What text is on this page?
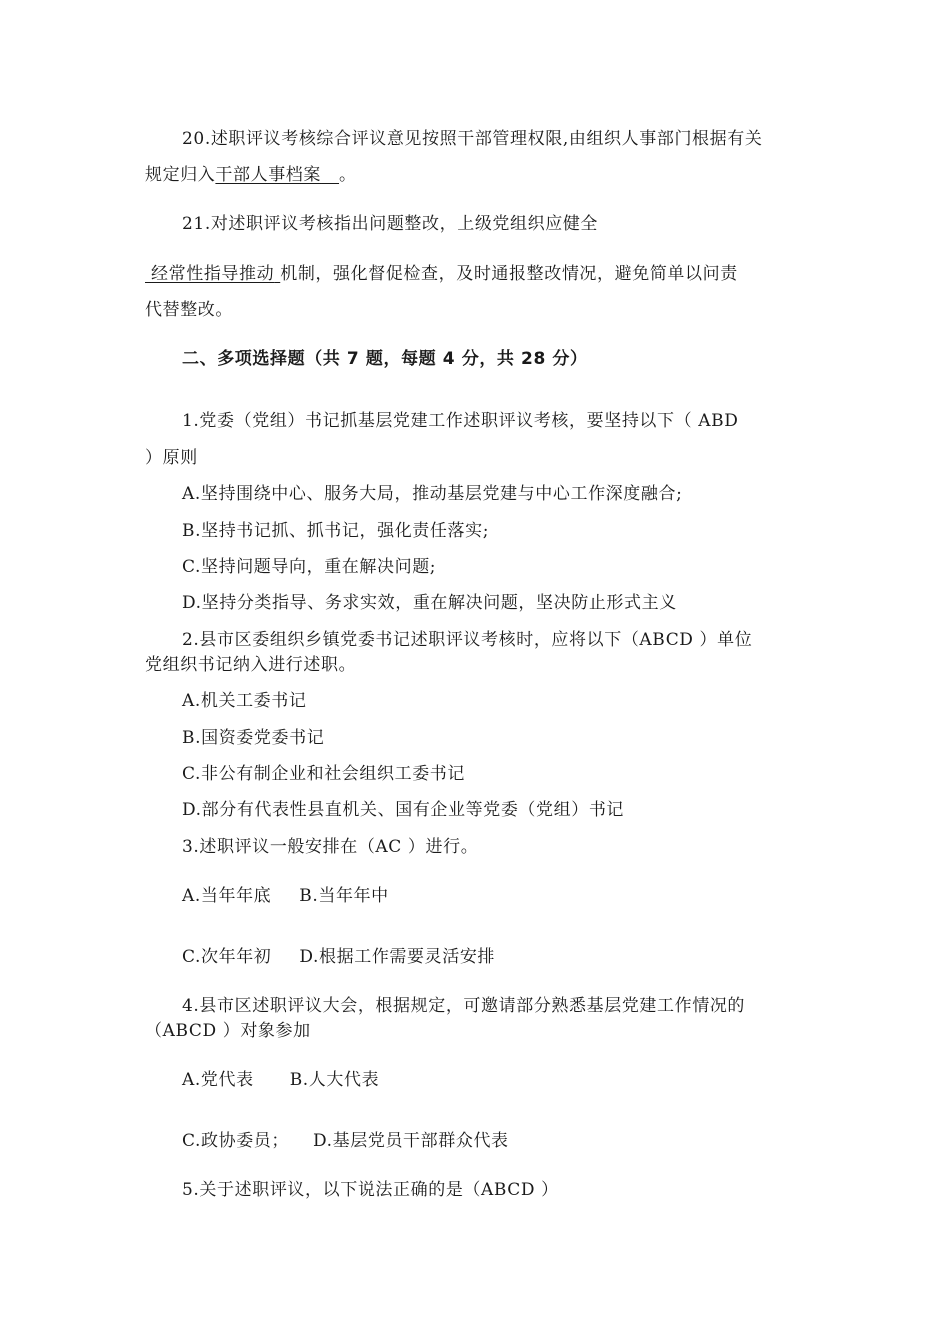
20.述职评议考核综合评议意见按照干部管理权限,由组织人事部门根据有关
规定归入干部人事档案 。
21.对述职评议考核指出问题整改，上级党组织应健全
经常性指导推动 机制，强化督促检查，及时通报整改情况，避免简单以问责
代替整改。
二、多项选择题（共 7 题，每题 4 分，共 28 分）
1.党委（党组）书记抓基层党建工作述职评议考核，要坚持以下（ ABD
）原则
A.坚持围绕中心、服务大局，推动基层党建与中心工作深度融合;
B.坚持书记抓、抓书记，强化责任落实;
C.坚持问题导向，重在解决问题;
D.坚持分类指导、务求实效，重在解决问题，坚决防止形式主义
2.县市区委组织乡镇党委书记述职评议考核时，应将以下（ABCD ）单位
党组织书记纳入进行述职。
A.机关工委书记
B.国资委党委书记
C.非公有制企业和社会组织工委书记
D.部分有代表性县直机关、国有企业等党委（党组）书记
3.述职评议一般安排在（AC ）进行。
A.当年年底 B.当年年中
C.次年年初 D.根据工作需要灵活安排
4.县市区述职评议大会，根据规定，可邀请部分熟悉基层党建工作情况的
（ABCD ）对象参加
A.党代表 B.人大代表
C.政协委员； D.基层党员干部群众代表
5.关于述职评议，以下说法正确的是（ABCD ）
